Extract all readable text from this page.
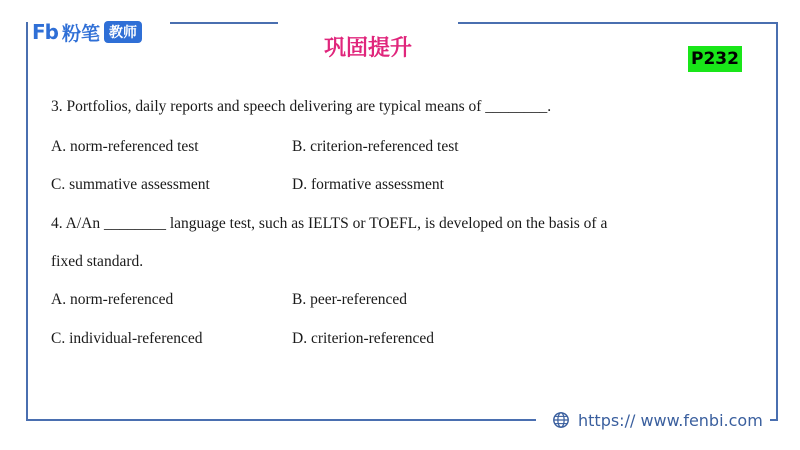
Fb 粉笔 教师
巩固提升	P232
3. Portfolios, daily reports and speech delivering are typical means of ________.
A. norm-referenced test	B. criterion-referenced test
C. summative assessment	D. formative assessment
4. A/An ________ language test, such as IELTS or TOEFL, is developed on the basis of a
fixed standard.
A. norm-referenced	B. peer-referenced
C. individual-referenced	D. criterion-referenced
https:// www.fenbi.com
